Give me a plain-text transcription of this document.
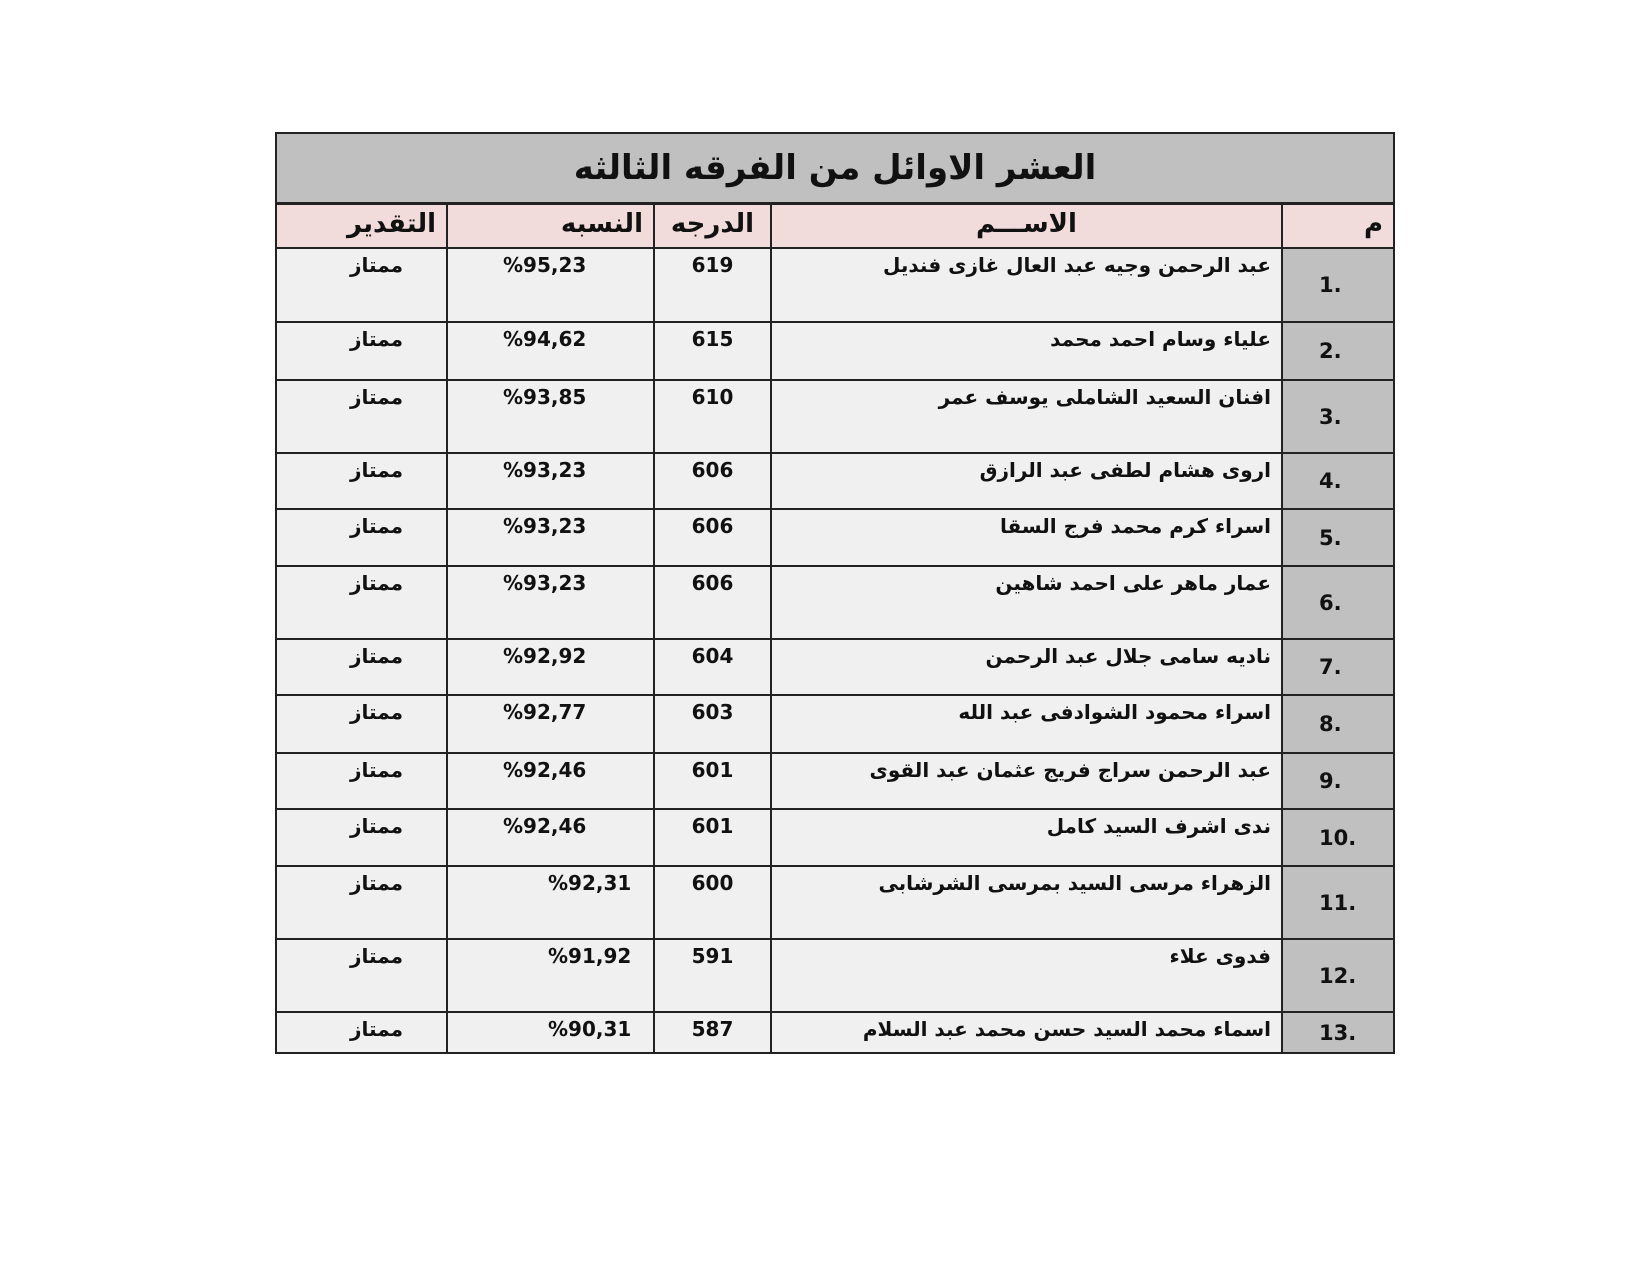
العشر الاوائل من الفرقه الثالثه
م
الاســـم
الدرجه
النسبه
التقدير
1.
عبد الرحمن وجيه عبد العال غازى فنديل
619
%95,23
ممتاز
2.
علياء وسام احمد محمد
615
%94,62
ممتاز
3.
افنان السعيد الشاملى يوسف عمر
610
%93,85
ممتاز
4.
اروى هشام لطفى عبد الرازق
606
%93,23
ممتاز
5.
اسراء كرم محمد فرج السقا
606
%93,23
ممتاز
6.
عمار ماهر على احمد شاهين
606
%93,23
ممتاز
7.
ناديه سامى جلال عبد الرحمن
604
%92,92
ممتاز
8.
اسراء محمود الشوادفى عبد الله
603
%92,77
ممتاز
9.
عبد الرحمن سراج فريج عثمان عبد القوى
601
%92,46
ممتاز
10.
ندى اشرف السيد كامل
601
%92,46
ممتاز
11.
الزهراء مرسى السيد بمرسى الشرشابى
600
%92,31
ممتاز
12.
فدوى علاء
591
%91,92
ممتاز
13.
اسماء محمد السيد حسن محمد عبد السلام
587
%90,31
ممتاز
